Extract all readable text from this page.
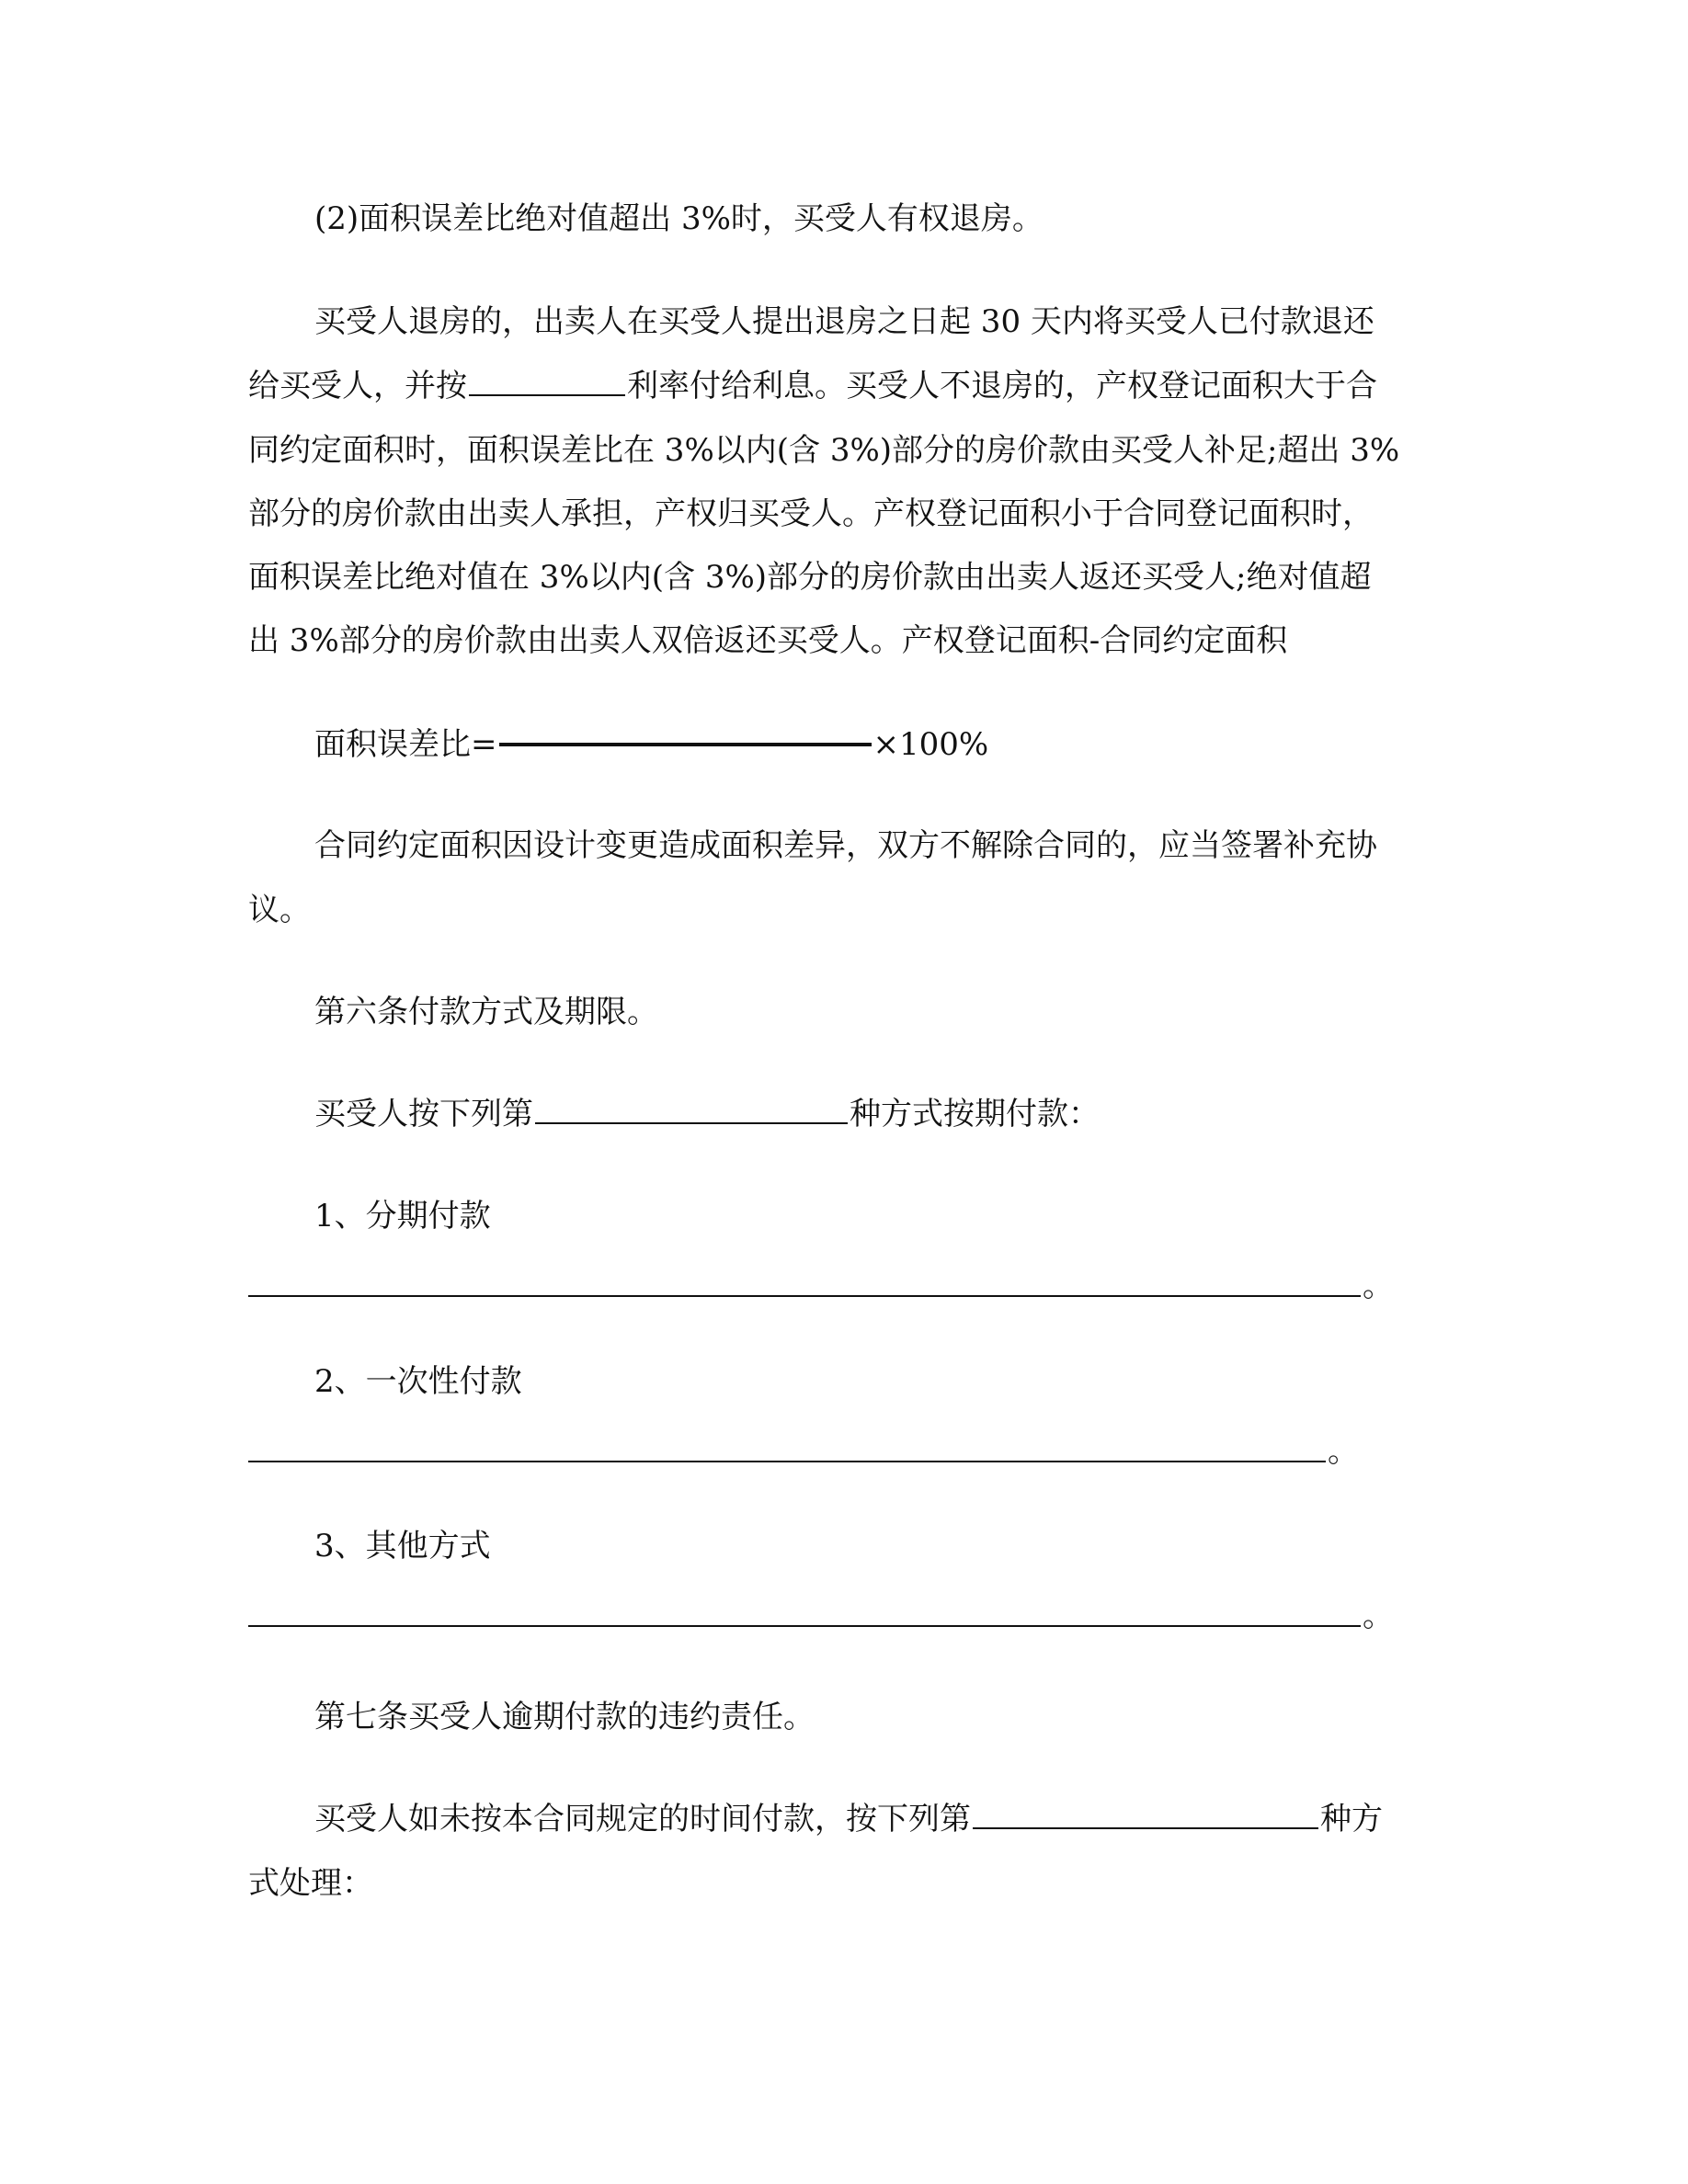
(2)面积误差比绝对值超出 3%时，买受人有权退房。
买受人退房的，出卖人在买受人提出退房之日起 30 天内将买受人已付款退还
给买受人，并按	利率付给利息。买受人不退房的，产权登记面积大于合
同约定面积时，面积误差比在 3%以内(含 3%)部分的房价款由买受人补足;超出 3%
部分的房价款由出卖人承担，产权归买受人。产权登记面积小于合同登记面积时，
面积误差比绝对值在 3%以内(含 3%)部分的房价款由出卖人返还买受人;绝对值超
出 3%部分的房价款由出卖人双倍返还买受人。产权登记面积-合同约定面积
面积误差比=	×100%
合同约定面积因设计变更造成面积差异，双方不解除合同的，应当签署补充协
议。
第六条付款方式及期限。
买受人按下列第	种方式按期付款：
1、分期付款
。
2、一次性付款
。
3、其他方式
。
第七条买受人逾期付款的违约责任。
买受人如未按本合同规定的时间付款，按下列第	种方
式处理：
